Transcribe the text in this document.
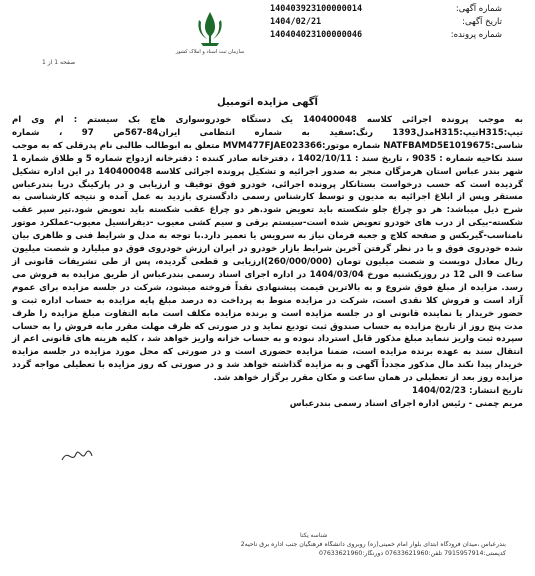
سازمان ثبت اسناد و املاک کشور
140403923100000014	شماره آگهی:
1404/02/21	تاریخ آگهی:
140404023100000046	شماره پرونده:
صفحه 1 از 1
آگهی مزایده اتومبیل

به موجب پرونده اجرائی کلاسه 140400048 یک دستگاه خودروسواری هاچ بک سیستم : ام وی ام تیپ:H315تیپ:H315مدل1393 رنگ:سفید به شماره انتظامی ایران84-567ص 97 ، شماره شاسی:NATFBAMD5E1019675 شماره موتور:MVM477FJAE023366 متعلق به ابوطالب طالبی نام پدرقلی که به موجب سند نکاحیه شماره : 9035 ، تاریخ سند : 1402/10/11 ، دفترخانه صادر کننده : دفترخانه ازدواج شماره 5 و طلاق شماره 1 شهر بندر عباس استان هرمزگان منجر به صدور اجرائیه و تشکیل پرونده اجرائی کلاسه 140400048 در این اداره تشکیل گردیده است که حسب درخواست بستانکار پرونده اجرائی، خودرو فوق توقیف و ارزیابی و در پارکینگ دریا بندرعباس مستقر وپس از ابلاغ اجرائیه به مدیون و توسط کارشناس رسمی دادگستری بازدید به عمل آمده و نتیجه کارشناسی به شرح ذیل میباشد: هر دو چراغ جلو شکسته باید تعویض شود.هر دو چراغ عقب شکسته باید تعویض شود.تیر سپر عقب شکسته-بیکی از درب های خودرو تعویض شده است-سیستم برقی و سیم کشی معیوب -دیفرانسیل معیوب-عملکرد موتور نامناسب-گیربکس و صفحه کلاچ و جعبه فرمان نیاز به سرویس یا تعمیر دارد.با توجه به مدل و شرایط فنی و ظاهری بیان شده خودروی فوق و با در نظر گرفتن آخرین شرایط بازار خودرو در ایران ارزش خودروی فوق دو میلیارد و شصت میلیون ریال معادل دویست و شصت میلیون تومان (260/000/000)ارزیابی و قطعی گردیده، پس از طی تشریفات قانونی از ساعت 9 الی 12 در روزیکشنبه مورخ 1404/03/04 در اداره اجرای اسناد رسمی بندرعباس از طریق مزایده به فروش می رسد. مزایده از مبلغ فوق شروع و به بالاترین قیمت پیشنهادی نقداً فروخته میشود، شرکت در جلسه مزایده برای عموم آزاد است و فروش کلا نقدی است، شرکت در مزایده منوط به پرداخت ده درصد مبلغ پایه مزایده به حساب اداره ثبت و حضور خریدار یا نماینده قانونی او در جلسه مزایده است و برنده مزایده مکلف است مابه التفاوت مبلغ مزایده را ظرف مدت پنج روز از تاریخ مزایده به حساب صندوق ثبت تودیع نماید و در صورتی که ظرف مهلت مقرر مابه فروش را به حساب سپرده ثبت واریز ننماید مبلغ مذکور قابل استرداد نبوده و به حساب خزانه واریز خواهد شد ، کلیه هزینه های قانونی اعم از انتقال سند به عهده برنده مزایده است، ضمنا مزایده حضوری است و در صورتی که محل مورد مزایده در جلسه مزایده خریدار پیدا نکند مال مذکور مجدداً آگهی و به مزایده گذاشته خواهد شد و در صورتی که روز مزایده با تعطیلی مواجه گردد مزایده روز بعد از تعطیلی در همان ساعت و مکان مقرر برگزار خواهد شد.

تاریخ انتشار: 1404/02/23

مریم چمنی - رئیس اداره اجرای اسناد رسمی بندرعباس

شناسه یکتا
بندرعباس ،میدان فرودگاه ابتدای بلوار امام خمینی(ره) روبروی دانشگاه فرهنگیان جنب اداره برق ناحیه2
کدپستی:7915957914 تلفن:07633621960 دورنگار:07633621960
